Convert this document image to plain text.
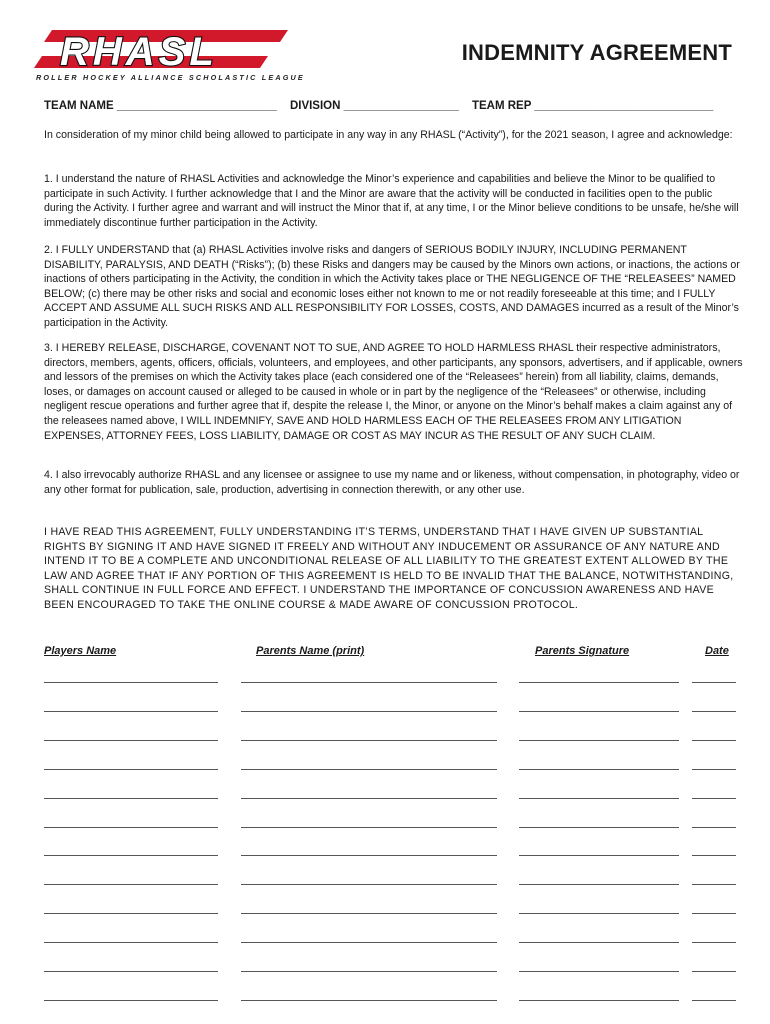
RHASL
ROLLER HOCKEY ALLIANCE SCHOLASTIC LEAGUE
INDEMNITY AGREEMENT
TEAM NAME _________________________ DIVISION __________________ TEAM REP ____________________________

In consideration of my minor child being allowed to participate in any way in any RHASL (“Activity”), for the 2021 season, I agree and acknowledge:

1. I understand the nature of RHASL Activities and acknowledge the Minor’s experience and capabilities and believe the Minor to be qualified to participate in such Activity. I further acknowledge that I and the Minor are aware that the activity will be conducted in facilities open to the public during the Activity. I further agree and warrant and will instruct the Minor that if, at any time, I or the Minor believe conditions to be unsafe, he/she will immediately discontinue further participation in the Activity.

2. I FULLY UNDERSTAND that (a) RHASL Activities involve risks and dangers of SERIOUS BODILY INJURY, INCLUDING PERMANENT DISABILITY, PARALYSIS, AND DEATH (“Risks”); (b) these Risks and dangers may be caused by the Minors own actions, or inactions, the actions or inactions of others participating in the Activity, the condition in which the Activity takes place or THE NEGLIGENCE OF THE “RELEASEES” NAMED BELOW; (c) there may be other risks and social and economic loses either not known to me or not readily foreseeable at this time; and I FULLY ACCEPT AND ASSUME ALL SUCH RISKS AND ALL RESPONSIBILITY FOR LOSSES, COSTS, AND DAMAGES incurred as a result of the Minor’s participation in the Activity.

3. I HEREBY RELEASE, DISCHARGE, COVENANT NOT TO SUE, AND AGREE TO HOLD HARMLESS RHASL their respective administrators, directors, members, agents, officers, officials, volunteers, and employees, and other participants, any sponsors, advertisers, and if applicable, owners and lessors of the premises on which the Activity takes place (each considered one of the “Releasees” herein) from all liability, claims, demands, loses, or damages on account caused or alleged to be caused in whole or in part by the negligence of the “Releasees” or otherwise, including negligent rescue operations and further agree that if, despite the release I, the Minor, or anyone on the Minor’s behalf makes a claim against any of the releasees named above, I WILL INDEMNIFY, SAVE AND HOLD HARMLESS EACH OF THE RELEASEES FROM ANY LITIGATION EXPENSES, ATTORNEY FEES, LOSS LIABILITY, DAMAGE OR COST AS MAY INCUR AS THE RESULT OF ANY SUCH CLAIM.

4. I also irrevocably authorize RHASL and any licensee or assignee to use my name and or likeness, without compensation, in photography, video or any other format for publication, sale, production, advertising in connection therewith, or any other use.

I HAVE READ THIS AGREEMENT, FULLY UNDERSTANDING IT’S TERMS, UNDERSTAND THAT I HAVE GIVEN UP SUBSTANTIAL RIGHTS BY SIGNING IT AND HAVE SIGNED IT FREELY AND WITHOUT ANY INDUCEMENT OR ASSURANCE OF ANY NATURE AND INTEND IT TO BE A COMPLETE AND UNCONDITIONAL RELEASE OF ALL LIABILITY TO THE GREATEST EXTENT ALLOWED BY THE LAW AND AGREE THAT IF ANY PORTION OF THIS AGREEMENT IS HELD TO BE INVALID THAT THE BALANCE, NOTWITHSTANDING, SHALL CONTINUE IN FULL FORCE AND EFFECT. I UNDERSTAND THE IMPORTANCE OF CONCUSSION AWARENESS AND HAVE BEEN ENCOURAGED TO TAKE THE ONLINE COURSE & MADE AWARE OF CONCUSSION PROTOCOL.

Players Name	Parents Name (print)	Parents Signature	Date
